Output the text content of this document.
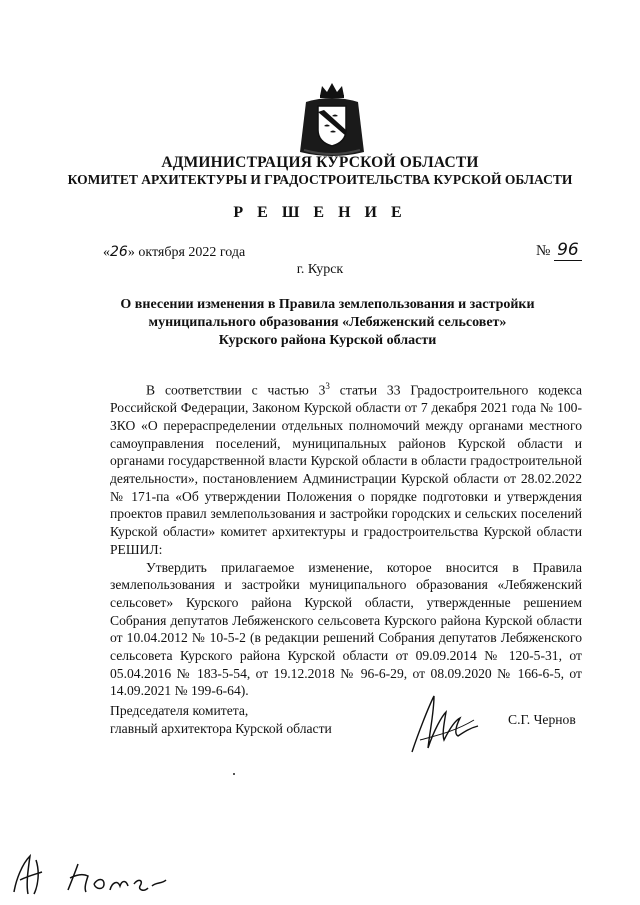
АДМИНИСТРАЦИЯ КУРСКОЙ ОБЛАСТИ
КОМИТЕТ АРХИТЕКТУРЫ И ГРАДОСТРОИТЕЛЬСТВА КУРСКОЙ ОБЛАСТИ
Р Е Ш Е Н И Е
«26» октября 2022 года	№ 96
г. Курск
О внесении изменения в Правила землепользования и застройки
муниципального образования «Лебяженский сельсовет»
Курского района Курской области

В соответствии с частью $3^3$ статьи 33 Градостроительного кодекса Российской Федерации, Законом Курской области от 7 декабря 2021 года № 100-ЗКО «О перераспределении отдельных полномочий между органами местного самоуправления поселений, муниципальных районов Курской области и органами государственной власти Курской области в области градостроительной деятельности», постановлением Администрации Курской области от 28.02.2022 № 171-па «Об утверждении Положения о порядке подготовки и утверждения проектов правил землепользования и застройки городских и сельских поселений Курской области» комитет архитектуры и градостроительства Курской области РЕШИЛ:

Утвердить прилагаемое изменение, которое вносится в Правила землепользования и застройки муниципального образования «Лебяженский сельсовет» Курского района Курской области, утвержденные решением Собрания депутатов Лебяженского сельсовета Курского района Курской области от 10.04.2012 № 10-5-2 (в редакции решений Собрания депутатов Лебяженского сельсовета Курского района Курской области от 09.09.2014 № 120-5-31, от 05.04.2016 № 183-5-54, от 19.12.2018 № 96-6-29, от 08.09.2020 № 166-6-5, от 14.09.2021 № 199-6-64).

Председателя комитета,
главный архитектора Курской области
С.Г. Чернов
